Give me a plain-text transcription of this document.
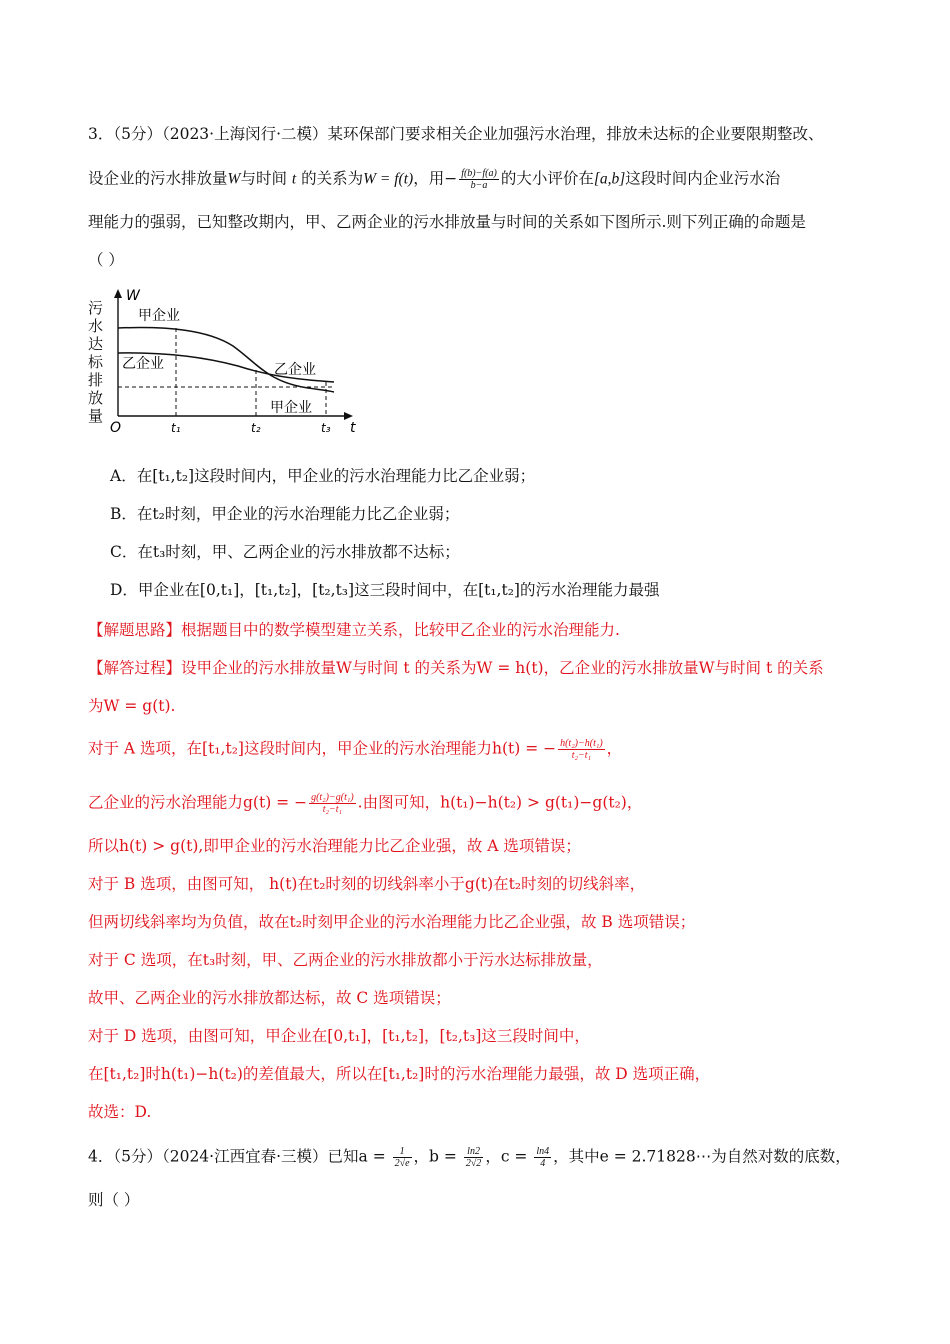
3．（5分）（2023·上海闵行·二模）某环保部门要求相关企业加强污水治理，排放未达标的企业要限期整改、
设企业的污水排放量W与时间 t 的关系为W = f(t)，用− $\frac{f(b)-f(a)}{b-a}$ 的大小评价在[a,b]这段时间内企业污水治
理能力的强弱，已知整改期内，甲、乙两企业的污水排放量与时间的关系如下图所示.则下列正确的命题是
（ ）
污
水
达
标
排
放
量
W
t
O
甲企业
乙企业	乙企业
甲企业
t₁	t₂	t₃
A．在[t₁,t₂]这段时间内，甲企业的污水治理能力比乙企业弱；
B．在t₂时刻，甲企业的污水治理能力比乙企业弱；
C．在t₃时刻，甲、乙两企业的污水排放都不达标；
D．甲企业在[0,t₁]，[t₁,t₂]，[t₂,t₃]这三段时间中，在[t₁,t₂]的污水治理能力最强
【解题思路】根据题目中的数学模型建立关系，比较甲乙企业的污水治理能力.
【解答过程】设甲企业的污水排放量W与时间 t 的关系为W = h(t)，乙企业的污水排放量W与时间 t 的关系
为W = g(t).
对于 A 选项，在[t₁,t₂]这段时间内，甲企业的污水治理能力h(t) = − $\frac{\text{h(t₂)−h(t₁)}}{\text{t₂−t₁}}$ ，
乙企业的污水治理能力g(t) = − $\frac{\text{g(t₂)−g(t₁)}}{\text{t₂−t₁}}$ .由图可知，h(t₁)−h(t₂) > g(t₁)−g(t₂)，
所以h(t) > g(t),即甲企业的污水治理能力比乙企业强，故 A 选项错误；
对于 B 选项，由图可知， h(t)在t₂时刻的切线斜率小于g(t)在t₂时刻的切线斜率，
但两切线斜率均为负值，故在t₂时刻甲企业的污水治理能力比乙企业强，故 B 选项错误；
对于 C 选项，在t₃时刻，甲、乙两企业的污水排放都小于污水达标排放量，
故甲、乙两企业的污水排放都达标，故 C 选项错误；
对于 D 选项，由图可知，甲企业在[0,t₁]，[t₁,t₂]，[t₂,t₃]这三段时间中，
在[t₁,t₂]时h(t₁)−h(t₂)的差值最大，所以在[t₁,t₂]时的污水治理能力最强，故 D 选项正确，
故选：D.
4．（5分）（2024·江西宜春·三模）已知$a = \frac{1}{2√e}$ ，$b = \frac{\ln 2}{2√2}$ ，$c = \frac{\ln 4}{4}$ ，其中e = 2.71828⋯为自然对数的底数，
则（ ）
